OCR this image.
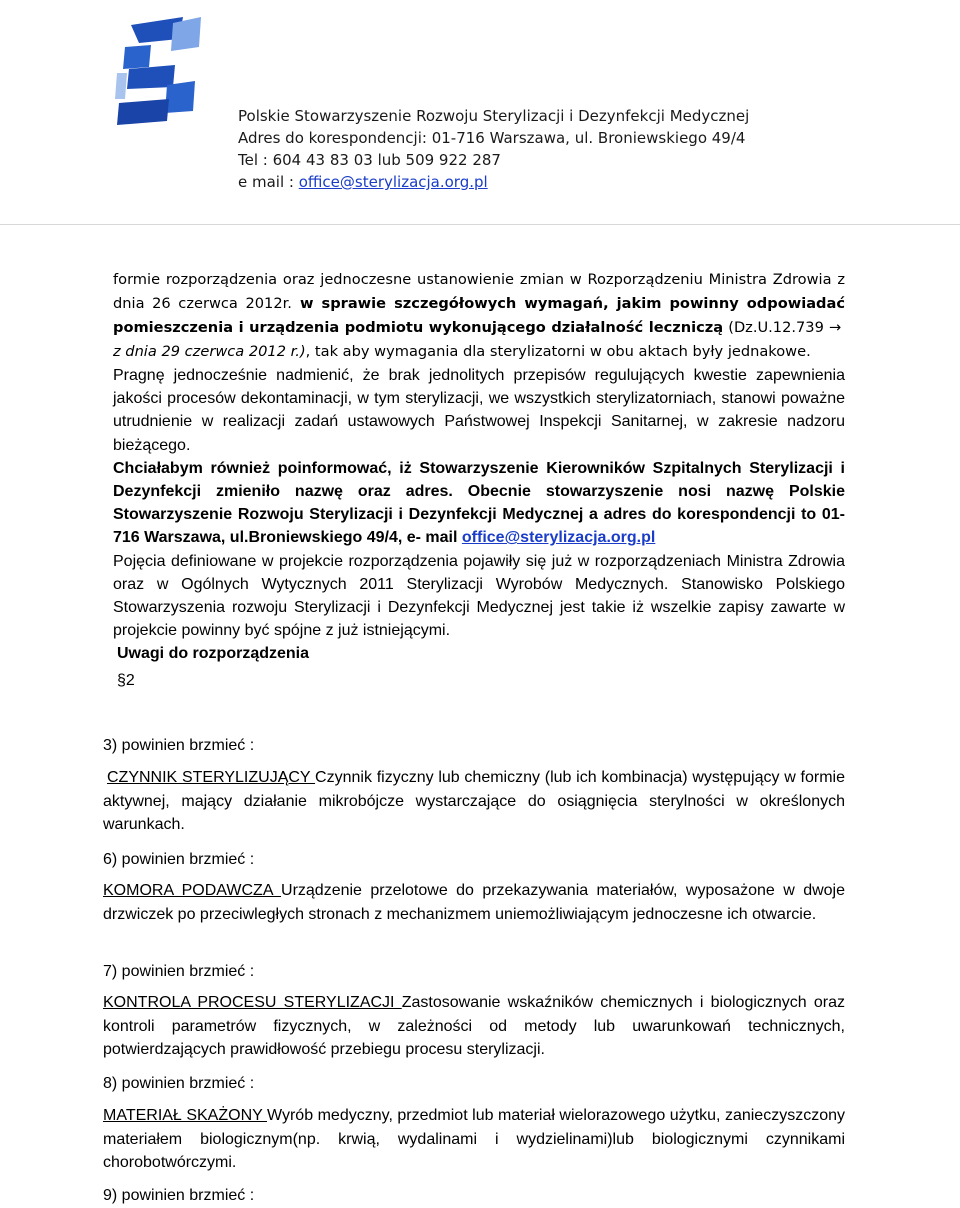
Polskie Stowarzyszenie Rozwoju Sterylizacji i Dezynfekcji Medycznej
Adres do korespondencji: 01-716 Warszawa, ul. Broniewskiego 49/4
Tel : 604 43 83 03 lub 509 922 287
e mail : office@sterylizacja.org.pl
formie rozporządzenia oraz jednoczesne ustanowienie zmian w Rozporządzeniu Ministra Zdrowia z dnia 26 czerwca 2012r. w sprawie szczegółowych wymagań, jakim powinny odpowiadać pomieszczenia i urządzenia podmiotu wykonującego działalność leczniczą (Dz.U.12.739 → z dnia 29 czerwca 2012 r.), tak aby wymagania dla sterylizatorni w obu aktach były jednakowe.

Pragnę jednocześnie nadmienić, że brak jednolitych przepisów regulujących kwestie zapewnienia jakości procesów dekontaminacji, w tym sterylizacji, we wszystkich sterylizatorniach, stanowi poważne utrudnienie w realizacji zadań ustawowych Państwowej Inspekcji Sanitarnej, w zakresie nadzoru bieżącego.

Chciałabym również poinformować, iż Stowarzyszenie Kierowników Szpitalnych Sterylizacji i Dezynfekcji zmieniło nazwę oraz adres. Obecnie stowarzyszenie nosi nazwę Polskie Stowarzyszenie Rozwoju Sterylizacji i Dezynfekcji Medycznej a adres do korespondencji to 01-716 Warszawa, ul.Broniewskiego 49/4, e- mail office@sterylizacja.org.pl

Pojęcia definiowane w projekcie rozporządzenia pojawiły się już w rozporządzeniach Ministra Zdrowia oraz w Ogólnych Wytycznych 2011 Sterylizacji Wyrobów Medycznych. Stanowisko Polskiego Stowarzyszenia rozwoju Sterylizacji i Dezynfekcji Medycznej jest takie iż wszelkie zapisy zawarte w projekcie powinny być spójne z już istniejącymi.

Uwagi do rozporządzenia

§2

3) powinien brzmieć :
CZYNNIK STERYLIZUJĄCY Czynnik fizyczny lub chemiczny (lub ich kombinacja) występujący w formie aktywnej, mający działanie mikrobójcze wystarczające do osiągnięcia sterylności w określonych warunkach.
6) powinien brzmieć :
KOMORA PODAWCZA Urządzenie przelotowe do przekazywania materiałów, wyposażone w dwoje drzwiczek po przeciwległych stronach z mechanizmem uniemożliwiającym jednoczesne ich otwarcie.
7) powinien brzmieć :
KONTROLA PROCESU STERYLIZACJI Zastosowanie wskaźników chemicznych i biologicznych oraz kontroli parametrów fizycznych, w zależności od metody lub uwarunkowań technicznych, potwierdzających prawidłowość przebiegu procesu sterylizacji.
8) powinien brzmieć :
MATERIAŁ SKAŻONY Wyrób medyczny, przedmiot lub materiał wielorazowego użytku, zanieczyszczony materiałem biologicznym(np. krwią, wydalinami i wydzielinami)lub biologicznymi czynnikami chorobotwórczymi.
9) powinien brzmieć :
